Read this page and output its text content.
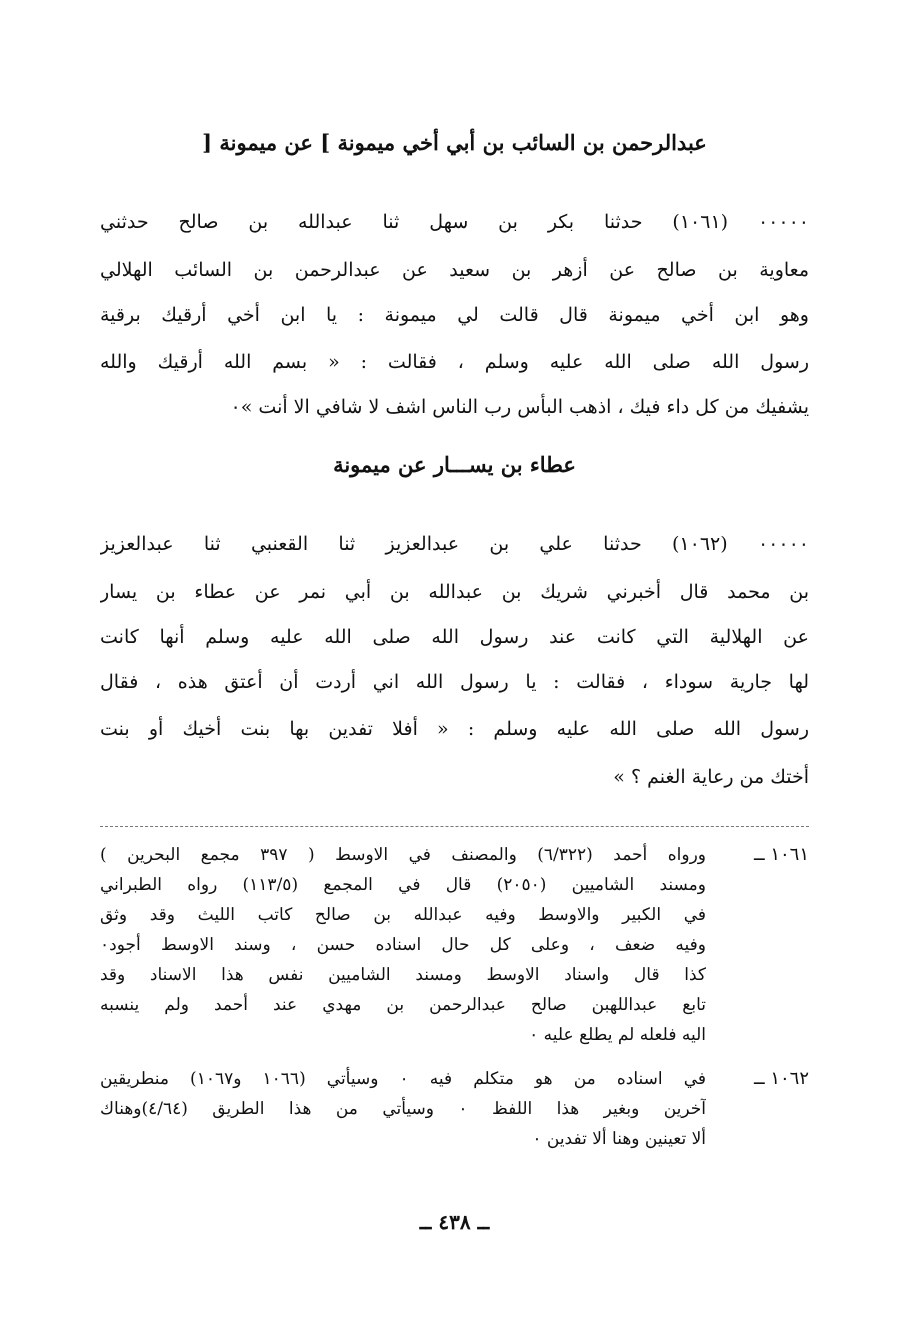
عبدالرحمن بن السائب بن أبي أخي ميمونة ] عن ميمونة [
٠٠٠٠٠ (١٠٦١) حدثنا بكر بن سهل ثنا عبدالله بن صالح حدثني
معاوية بن صالح عن أزهر بن سعيد عن عبدالرحمن بن السائب الهلالي
وهو ابن أخي ميمونة قال قالت لي ميمونة : يا ابن أخي أرقيك برقية
رسول الله صلى الله عليه وسلم ، فقالت : « بسم الله أرقيك والله
يشفيك من كل داء فيك ، اذهب البأس رب الناس اشف لا شافي الا أنت »٠
عطاء بن يســـار عن ميمونة
٠٠٠٠٠ (١٠٦٢) حدثنا علي بن عبدالعزيز ثنا القعنبي ثنا عبدالعزيز
بن محمد قال أخبرني شريك بن عبدالله بن أبي نمر عن عطاء بن يسار
عن الهلالية التي كانت عند رسول الله صلى الله عليه وسلم أنها كانت
لها جارية سوداء ، فقالت : يا رسول الله اني أردت أن أعتق هذه ، فقال
رسول الله صلى الله عليه وسلم : « أفلا تفدين بها بنت أخيك أو بنت
أختك من رعاية الغنم ؟ »
١٠٦١ ــ
ورواه أحمد (٦/٣٢٢) والمصنف في الاوسط ( ٣٩٧ مجمع البحرين )
ومسند الشاميين (٢٠٥٠) قال في المجمع (١١٣/٥) رواه الطبراني
في الكبير والاوسط وفيه عبدالله بن صالح كاتب الليث وقد وثق
وفيه ضعف ، وعلى كل حال اسناده حسن ، وسند الاوسط أجود٠
كذا قال واسناد الاوسط ومسند الشاميين نفس هذا الاسناد وقد
تابع عبداللهبن صالح عبدالرحمن بن مهدي عند أحمد ولم ينسبه
اليه فلعله لم يطلع عليه ٠
١٠٦٢ ــ
في اسناده من هو متكلم فيه ٠ وسيأتي (١٠٦٦ و١٠٦٧) منطريقين
آخرين وبغير هذا اللفظ ٠ وسيأتي من هذا الطريق (٤/٦٤)وهناك
ألا تعينين وهنا ألا تفدين ٠
ــ ٤٣٨ ــ
